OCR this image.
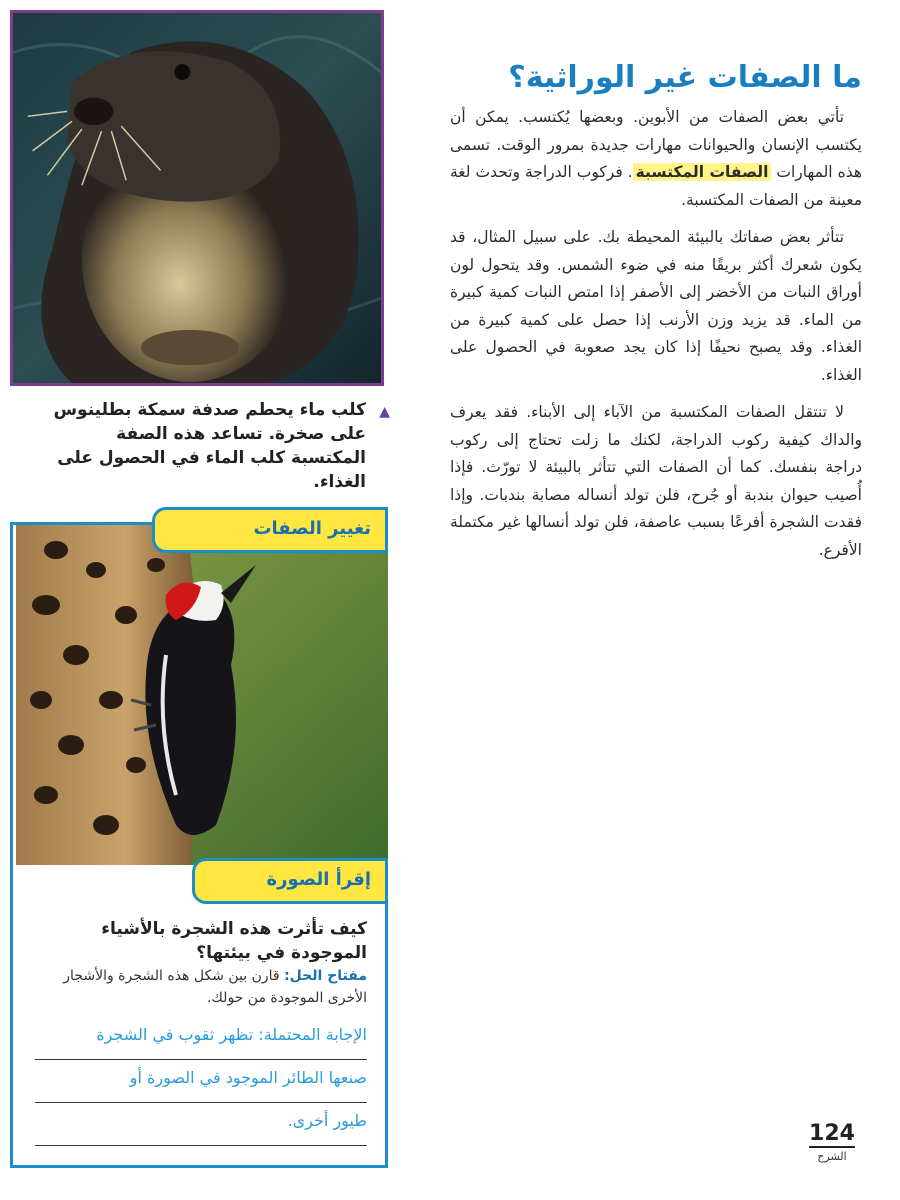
▲

كلب ماء يحطم صدفة سمكة بطلينوس على صخرة. تساعد هذه الصفة المكتسبة كلب الماء في الحصول على الغذاء.

تغيير الصفات
إقرأ الصورة
كيف تأثرت هذه الشجرة بالأشياء الموجودة في بيئتها؟

مفتاح الحل: قارن بين شكل هذه الشجرة والأشجار الأخرى الموجودة من حولك.

الإجابة المحتملة: تظهر ثقوب في الشجرة
صنعها الطائر الموجود في الصورة أو
طيور أخرى.
ما الصفات غير الوراثية؟

تأتي بعض الصفات من الأبوين. وبعضها يُكتسب. يمكن أن يكتسب الإنسان والحيوانات مهارات جديدة بمرور الوقت. تسمى هذه المهارات الصفات المكتسبة. فركوب الدراجة وتحدث لغة معينة من الصفات المكتسبة.

تتأثر بعض صفاتك بالبيئة المحيطة بك. على سبيل المثال، قد يكون شعرك أكثر بريقًا منه في ضوء الشمس. وقد يتحول لون أوراق النبات من الأخضر إلى الأصفر إذا امتص النبات كمية كبيرة من الماء. قد يزيد وزن الأرنب إذا حصل على كمية كبيرة من الغذاء. وقد يصبح نحيفًا إذا كان يجد صعوبة في الحصول على الغذاء.

لا تنتقل الصفات المكتسبة من الآباء إلى الأبناء. فقد يعرف والداك كيفية ركوب الدراجة، لكنك ما زلت تحتاج إلى ركوب دراجة بنفسك. كما أن الصفات التي تتأثر بالبيئة لا تورّث. فإذا أُصيب حيوان بندبة أو جُرح، فلن تولد أنساله مصابة بندبات. وإذا فقدت الشجرة أفرعًا بسبب عاصفة، فلن تولد أنسالها غير مكتملة الأفرع.

124
الشرح
